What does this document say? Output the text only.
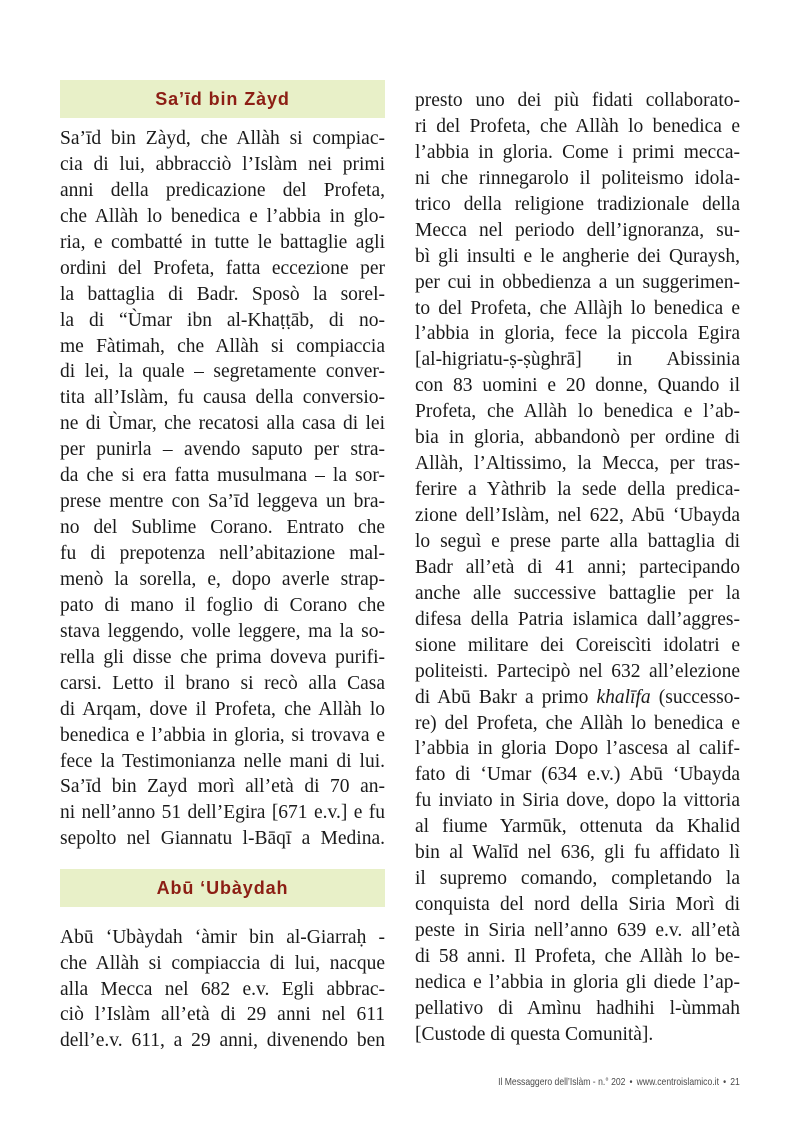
Sa’īd bin Zàyd
Sa’īd bin Zàyd, che Allàh si compiac-
cia di lui, abbracciò l’Islàm nei primi
anni della predicazione del Profeta,
che Allàh lo benedica e l’abbia in glo-
ria, e combatté in tutte le battaglie agli
ordini del Profeta, fatta eccezione per
la battaglia di Badr. Sposò la sorel-
la di “Ùmar ibn al-Khaṭṭāb, di no-
me Fàtimah, che Allàh si compiaccia
di lei, la quale – segretamente conver-
tita all’Islàm, fu causa della conversio-
ne di Ùmar, che recatosi alla casa di lei
per punirla – avendo saputo per stra-
da che si era fatta musulmana – la sor-
prese mentre con Sa’īd leggeva un bra-
no del Sublime Corano. Entrato che
fu di prepotenza nell’abitazione mal-
menò la sorella, e, dopo averle strap-
pato di mano il foglio di Corano che
stava leggendo, volle leggere, ma la so-
rella gli disse che prima doveva purifi-
carsi. Letto il brano si recò alla Casa
di Arqam, dove il Profeta, che Allàh lo
benedica e l’abbia in gloria, si trovava e
fece la Testimonianza nelle mani di lui.
Sa’īd bin Zayd morì all’età di 70 an-
ni nell’anno 51 dell’Egira [671 e.v.] e fu
sepolto nel Giannatu l-Bāqī a Medina.
Abū ‘Ubàydah
Abū ‘Ubàydah ‘àmir bin al-Giarraḥ -
che Allàh si compiaccia di lui, nacque
alla Mecca nel 682 e.v. Egli abbrac-
ciò l’Islàm all’età di 29 anni nel 611
dell’e.v. 611, a 29 anni, divenendo ben
presto uno dei più fidati collaborato-
ri del Profeta, che Allàh lo benedica e
l’abbia in gloria. Come i primi mecca-
ni che rinnegarolo il politeismo idola-
trico della religione tradizionale della
Mecca nel periodo dell’ignoranza, su-
bì gli insulti e le angherie dei Quraysh,
per cui in obbedienza a un suggerimen-
to del Profeta, che Allàjh lo benedica e
l’abbia in gloria, fece la piccola Egira
[al-higriatu-ṣ-ṣùghrā] in Abissinia
con 83 uomini e 20 donne, Quando il
Profeta, che Allàh lo benedica e l’ab-
bia in gloria, abbandonò per ordine di
Allàh, l’Altissimo, la Mecca, per tras-
ferire a Yàthrib la sede della predica-
zione dell’Islàm, nel 622, Abū ‘Ubayda
lo seguì e prese parte alla battaglia di
Badr all’età di 41 anni; partecipando
anche alle successive battaglie per la
difesa della Patria islamica dall’aggres-
sione militare dei Coreiscìti idolatri e
politeisti. Partecipò nel 632 all’elezione
di Abū Bakr a primo khalīfa (successo-
re) del Profeta, che Allàh lo benedica e
l’abbia in gloria Dopo l’ascesa al calif-
fato di ‘Umar (634 e.v.) Abū ‘Ubayda
fu inviato in Siria dove, dopo la vittoria
al fiume Yarmūk, ottenuta da Khalid
bin al Walīd nel 636, gli fu affidato lì
il supremo comando, completando la
conquista del nord della Siria Morì di
peste in Siria nell’anno 639 e.v. all’età
di 58 anni. Il Profeta, che Allàh lo be-
nedica e l’abbia in gloria gli diede l’ap-
pellativo di Amìnu hadhihi l-ùmmah
[Custode di questa Comunità].
Il Messaggero dell’Islàm - n.° 202 • www.centroislamico.it • 21
